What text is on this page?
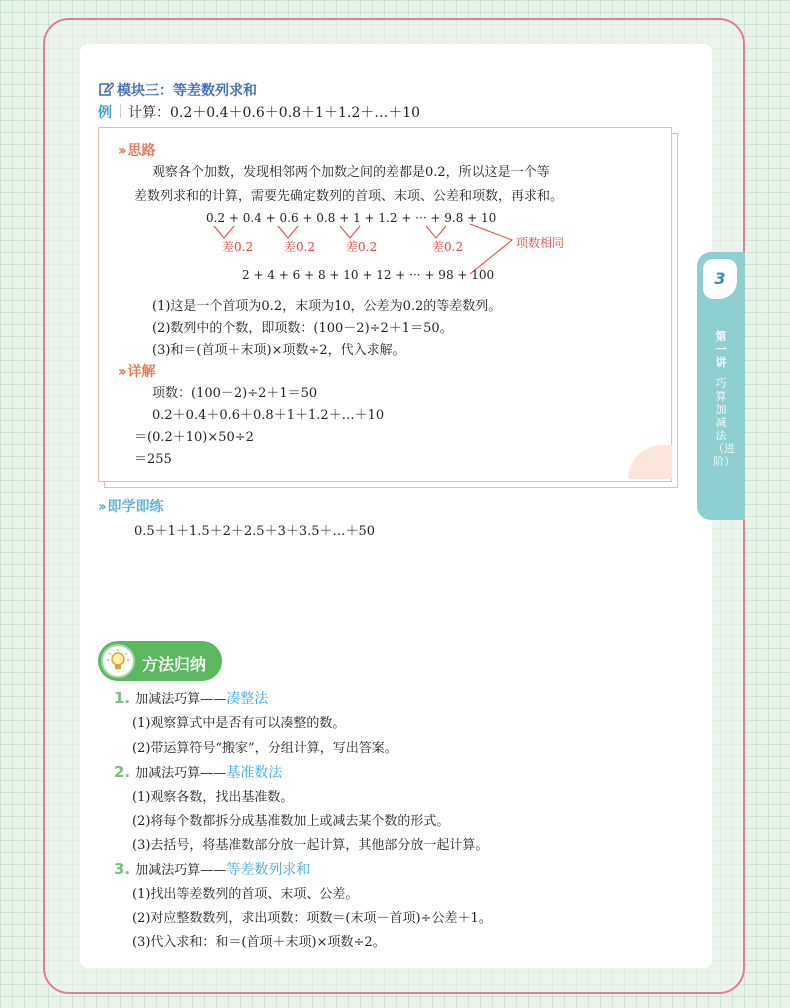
3
第一讲
巧算加减法（进阶）
模块三：等差数列求和
例 计算：0.2＋0.4＋0.6＋0.8＋1＋1.2＋…＋10
›› 思路
观察各个加数，发现相邻两个加数之间的差都是0.2，所以这是一个等
差数列求和的计算，需要先确定数列的首项、末项、公差和项数，再求和。
0.2 + 0.4 + 0.6 + 0.8 + 1 + 1.2 + ··· + 9.8 + 10
差0.2	差0.2	差0.2	差0.2	项数相同
2 + 4 + 6 + 8 + 10 + 12 + ··· + 98 + 100
(1)这是一个首项为0.2，末项为10，公差为0.2的等差数列。
(2)数列中的个数，即项数：(100－2)÷2＋1＝50。
(3)和＝(首项＋末项)×项数÷2，代入求解。
›› 详解
项数：(100－2)÷2＋1＝50
0.2＋0.4＋0.6＋0.8＋1＋1.2＋…＋10
＝(0.2＋10)×50÷2
＝255
›› 即学即练
0.5＋1＋1.5＋2＋2.5＋3＋3.5＋…＋50
方法归纳
1. 加减法巧算——凑整法
(1)观察算式中是否有可以凑整的数。
(2)带运算符号“搬家”，分组计算，写出答案。
2. 加减法巧算——基准数法
(1)观察各数，找出基准数。
(2)将每个数都拆分成基准数加上或减去某个数的形式。
(3)去括号，将基准数部分放一起计算，其他部分放一起计算。
3. 加减法巧算——等差数列求和
(1)找出等差数列的首项、末项、公差。
(2)对应整数数列，求出项数：项数＝(末项－首项)÷公差＋1。
(3)代入求和：和＝(首项＋末项)×项数÷2。
